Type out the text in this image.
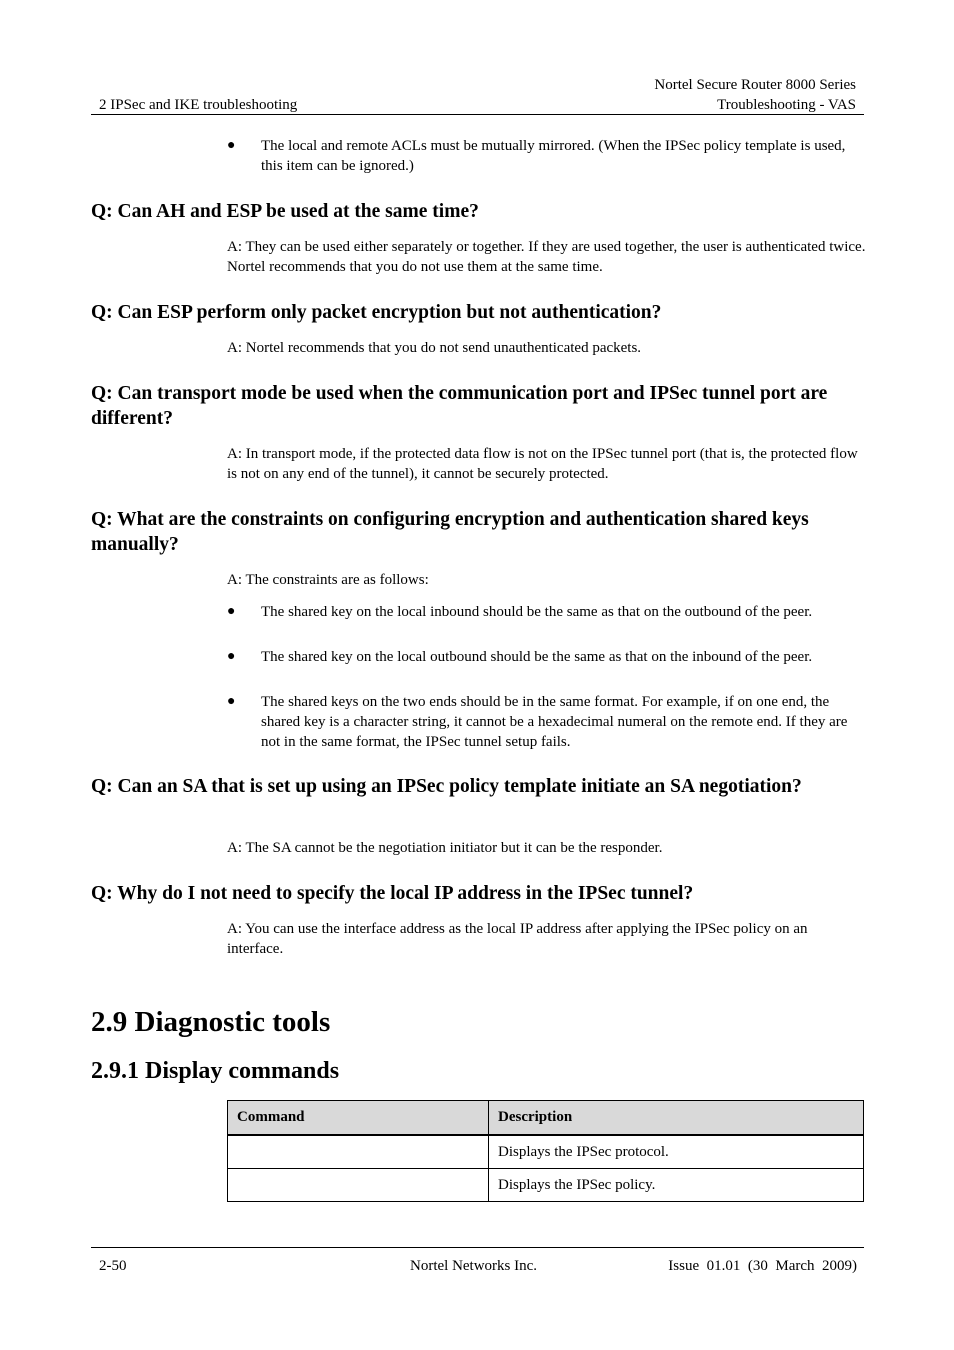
Nortel Secure Router 8000 Series
2 IPSec and IKE troubleshooting	Troubleshooting - VAS
● The local and remote ACLs must be mutually mirrored. (When the IPSec policy template is used, this item can be ignored.)
Q: Can AH and ESP be used at the same time?
A: They can be used either separately or together. If they are used together, the user is authenticated twice. Nortel recommends that you do not use them at the same time.
Q: Can ESP perform only packet encryption but not authentication?
A: Nortel recommends that you do not send unauthenticated packets.
Q: Can transport mode be used when the communication port and IPSec tunnel port are different?
A: In transport mode, if the protected data flow is not on the IPSec tunnel port (that is, the protected flow is not on any end of the tunnel), it cannot be securely protected.
Q: What are the constraints on configuring encryption and authentication shared keys manually?
A: The constraints are as follows:
● The shared key on the local inbound should be the same as that on the outbound of the peer.
● The shared key on the local outbound should be the same as that on the inbound of the peer.
● The shared keys on the two ends should be in the same format. For example, if on one end, the shared key is a character string, it cannot be a hexadecimal numeral on the remote end. If they are not in the same format, the IPSec tunnel setup fails.
Q: Can an SA that is set up using an IPSec policy template initiate an SA negotiation?
A: The SA cannot be the negotiation initiator but it can be the responder.
Q: Why do I not need to specify the local IP address in the IPSec tunnel?
A: You can use the interface address as the local IP address after applying the IPSec policy on an interface.
2.9 Diagnostic tools
2.9.1 Display commands
Command	Description
	Displays the IPSec protocol.
	Displays the IPSec policy.
2-50	Nortel Networks Inc.	Issue  01.01  (30  March  2009)
